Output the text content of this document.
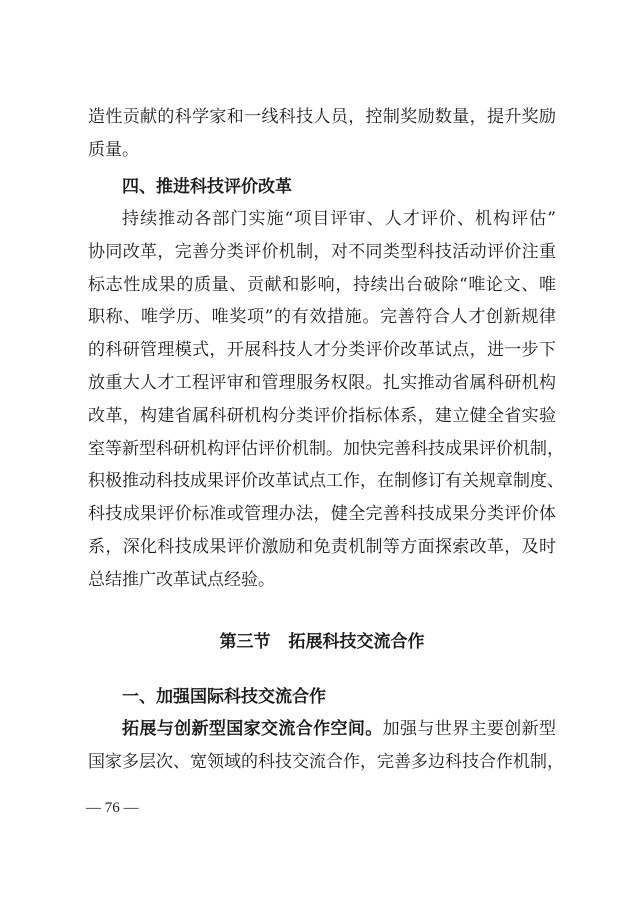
造性贡献的科学家和一线科技人员，控制奖励数量，提升奖励
质量。
四、推进科技评价改革
持续推动各部门实施“项目评审、人才评价、机构评估”
协同改革，完善分类评价机制，对不同类型科技活动评价注重
标志性成果的质量、贡献和影响，持续出台破除“唯论文、唯
职称、唯学历、唯奖项”的有效措施。完善符合人才创新规律
的科研管理模式，开展科技人才分类评价改革试点，进一步下
放重大人才工程评审和管理服务权限。扎实推动省属科研机构
改革，构建省属科研机构分类评价指标体系，建立健全省实验
室等新型科研机构评估评价机制。加快完善科技成果评价机制，
积极推动科技成果评价改革试点工作，在制修订有关规章制度、
科技成果评价标准或管理办法，健全完善科技成果分类评价体
系，深化科技成果评价激励和免责机制等方面探索改革，及时
总结推广改革试点经验。
第三节 拓展科技交流合作
一、加强国际科技交流合作
拓展与创新型国家交流合作空间。加强与世界主要创新型
国家多层次、宽领域的科技交流合作，完善多边科技合作机制，
— 76 —
